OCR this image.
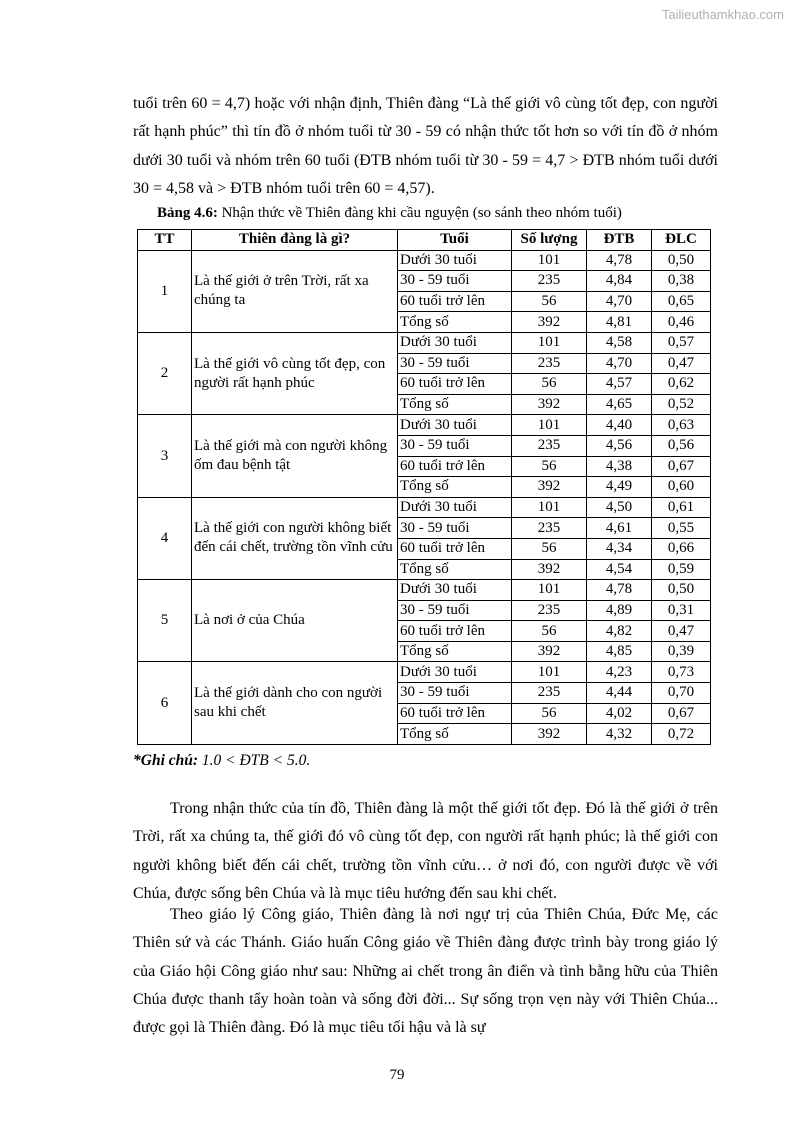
Tailieuthamkhao.com

tuổi trên 60 = 4,7) hoặc với nhận định, Thiên đàng “Là thế giới vô cùng tốt đẹp, con người rất hạnh phúc” thì tín đồ ở nhóm tuổi từ 30 - 59 có nhận thức tốt hơn so với tín đồ ở nhóm dưới 30 tuổi và nhóm trên 60 tuổi (ĐTB nhóm tuổi từ 30 - 59 = 4,7 > ĐTB nhóm tuổi dưới 30 = 4,58 và > ĐTB nhóm tuổi trên 60 = 4,57).

Bảng 4.6: Nhận thức về Thiên đàng khi cầu nguyện (so sánh theo nhóm tuổi)

TT	Thiên đàng là gì?	Tuổi	Số lượng	ĐTB	ĐLC
1	Là thế giới ở trên Trời, rất xa chúng ta	Dưới 30 tuổi	101	4,78	0,50
		30 - 59 tuổi	235	4,84	0,38
		60 tuổi trở lên	56	4,70	0,65
		Tổng số	392	4,81	0,46
2	Là thế giới vô cùng tốt đẹp, con người rất hạnh phúc	Dưới 30 tuổi	101	4,58	0,57
		30 - 59 tuổi	235	4,70	0,47
		60 tuổi trở lên	56	4,57	0,62
		Tổng số	392	4,65	0,52
3	Là thế giới mà con người không ốm đau bệnh tật	Dưới 30 tuổi	101	4,40	0,63
		30 - 59 tuổi	235	4,56	0,56
		60 tuổi trở lên	56	4,38	0,67
		Tổng số	392	4,49	0,60
4	Là thế giới con người không biết đến cái chết, trường tồn vĩnh cửu	Dưới 30 tuổi	101	4,50	0,61
		30 - 59 tuổi	235	4,61	0,55
		60 tuổi trở lên	56	4,34	0,66
		Tổng số	392	4,54	0,59
5	Là nơi ở của Chúa	Dưới 30 tuổi	101	4,78	0,50
		30 - 59 tuổi	235	4,89	0,31
		60 tuổi trở lên	56	4,82	0,47
		Tổng số	392	4,85	0,39
6	Là thế giới dành cho con người sau khi chết	Dưới 30 tuổi	101	4,23	0,73
		30 - 59 tuổi	235	4,44	0,70
		60 tuổi trở lên	56	4,02	0,67
		Tổng số	392	4,32	0,72

*Ghi chú: 1.0 < ĐTB < 5.0.

Trong nhận thức của tín đồ, Thiên đàng là một thế giới tốt đẹp. Đó là thế giới ở trên Trời, rất xa chúng ta, thế giới đó vô cùng tốt đẹp, con người rất hạnh phúc; là thế giới con người không biết đến cái chết, trường tồn vĩnh cửu… ở nơi đó, con người được về với Chúa, được sống bên Chúa và là mục tiêu hướng đến sau khi chết.

Theo giáo lý Công giáo, Thiên đàng là nơi ngự trị của Thiên Chúa, Đức Mẹ, các Thiên sứ và các Thánh. Giáo huấn Công giáo về Thiên đàng được trình bày trong giáo lý của Giáo hội Công giáo như sau: Những ai chết trong ân điển và tình bằng hữu của Thiên Chúa được thanh tẩy hoàn toàn và sống đời đời... Sự sống trọn vẹn này với Thiên Chúa... được gọi là Thiên đàng. Đó là mục tiêu tối hậu và là sự

79
